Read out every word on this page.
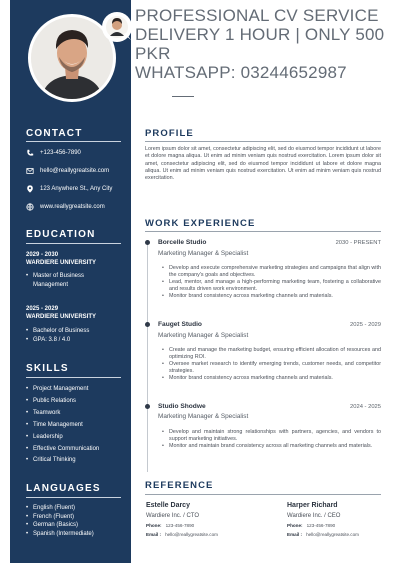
CONTACT
+123-456-7890
hello@reallygreatsite.com
123 Anywhere St., Any City
www.reallygreatsite.com
EDUCATION
2029 - 2030
WARDIERE UNIVERSITY
• Master of Business Management
2025 - 2029
WARDIERE UNIVERSITY
• Bachelor of Business
• GPA: 3.8 / 4.0
SKILLS
• Project Management
• Public Relations
• Teamwork
• Time Management
• Leadership
• Effective Communication
• Critical Thinking
LANGUAGES
• English (Fluent)
• French (Fluent)
• German (Basics)
• Spanish (Intermediate)
PROFESSIONAL CV SERVICE
DELIVERY 1 HOUR | ONLY 500
PKR
WHATSAPP: 03244652987
PROFILE
Lorem ipsum dolor sit amet, consectetur adipiscing elit, sed do eiusmod tempor incididunt ut labore et dolore magna aliqua. Ut enim ad minim veniam quis nostrud exercitation. Lorem ipsum dolor sit amet, consectetur adipiscing elit, sed do eiusmod tempor incididunt ut labore et dolore magna aliqua. Ut enim ad minim veniam quis nostrud exercitation. Ut enim ad minim veniam quis nostrud exercitation.
WORK EXPERIENCE
Borcelle Studio	2030 - PRESENT
Marketing Manager & Specialist
• Develop and execute comprehensive marketing strategies and campaigns that align with the company's goals and objectives.
• Lead, mentor, and manage a high-performing marketing team, fostering a collaborative and results driven work environment.
• Monitor brand consistency across marketing channels and materials.
Fauget Studio	2025 - 2029
Marketing Manager & Specialist
• Create and manage the marketing budget, ensuring efficient allocation of resources and optimizing ROI.
• Oversee market research to identify emerging trends, customer needs, and competitor strategies.
• Monitor brand consistency across marketing channels and materials.
Studio Shodwe	2024 - 2025
Marketing Manager & Specialist
• Develop and maintain strong relationships with partners, agencies, and vendors to support marketing initiatives.
• Monitor and maintain brand consistency across all marketing channels and materials.
REFERENCE
Estelle Darcy
Wardiere Inc. / CTO
Phone: 123-456-7890
Email : hello@reallygreatsite.com
Harper Richard
Wardiere Inc. / CEO
Phone: 123-456-7890
Email : hello@reallygreatsite.com
